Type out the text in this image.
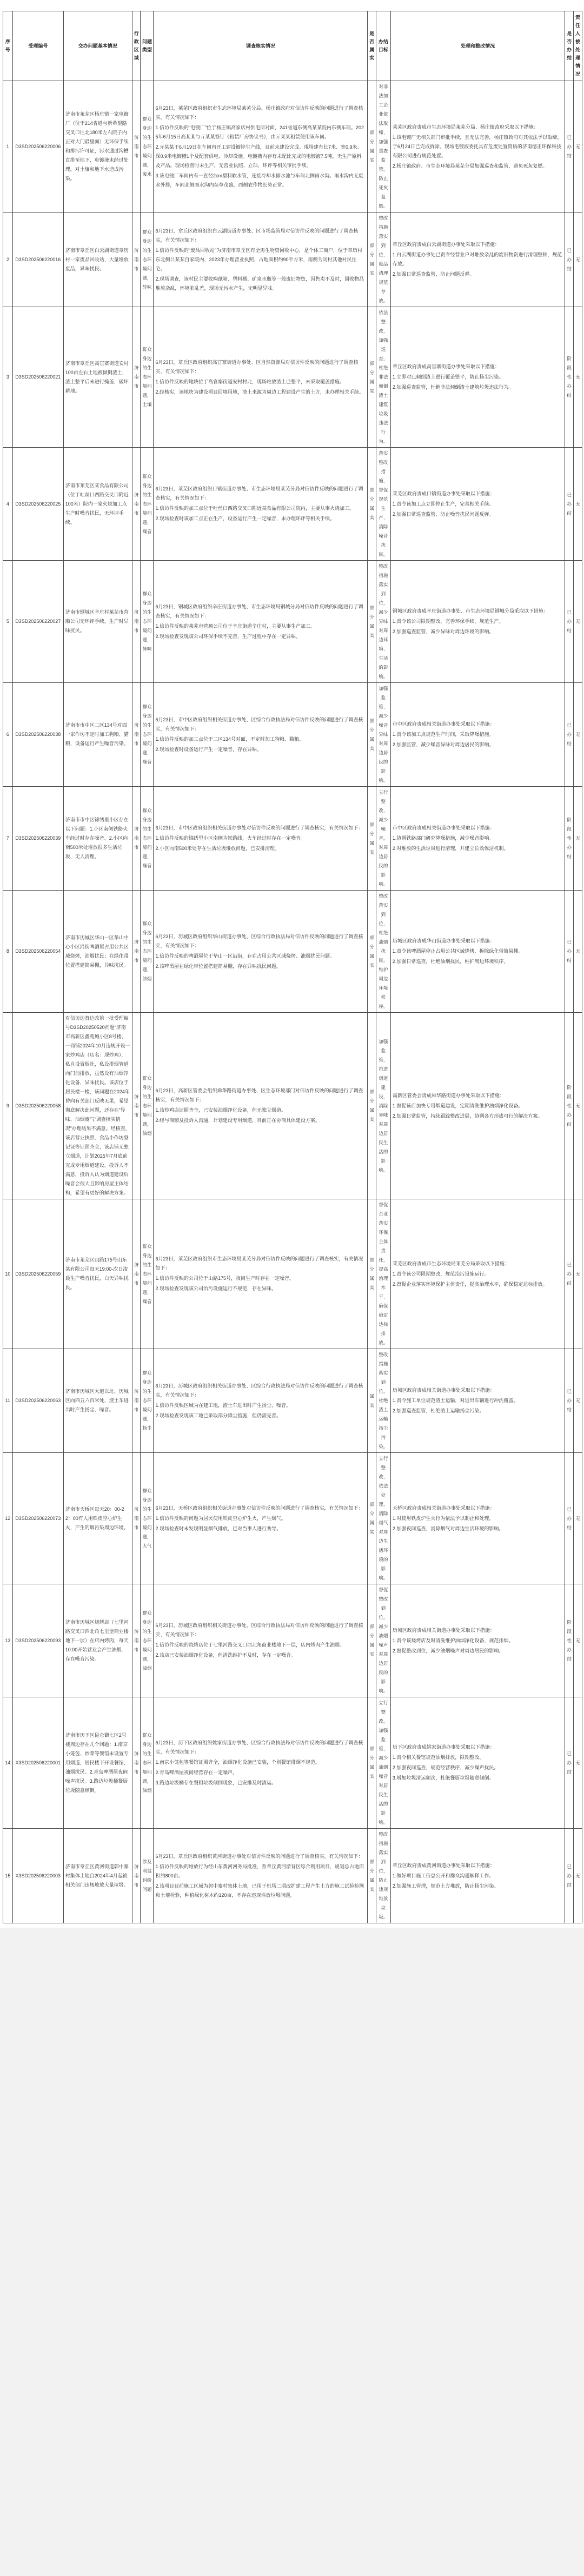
序号	受理编号	交办问题基本情况	行政区域	问题类型	调查核实情况	是否属实	办结目标	处理和整改情况	是否办结	责任人被处理情况
1	D3SD202506220006	济南市莱芜区杨庄镇一家电镀厂（位于214省道与新希望路交叉口往北180米左右院子内正对大门最里面）无环保手续和排污许可证，污水通过沟槽直排至地下，电镀液未经过处理，对土壤和地下水造成污染。	济南市	群众身边的生态环境问题，废水	
6月23日，莱芜区政府组织市生态环境局莱芜分局、杨庄镇政府对信访件反映的问题进行了调查核实，有关情况如下：
1.信访件反映的“电镀厂”位于杨庄镇高家店村供电所对面，241省道东侧高某某院内东侧车间。2025年6月15日高某某与亓某某签订《租赁厂房协议书》，由亓某某租赁使用该车间。
2.亓某某于6月19日在车间内开工建设镀锌生产线，目前未建设完成。现场建有长7米、宽0.9米、深0.9米电镀槽1个及配套供电、冷却设施。电镀槽内存有未配比完成的电镀液7.5吨，无生产原料及产品。现场检查时未生产，无营业执照、立项、环评等相关审批手续。
3.该电镀厂车间内有一直径2cm塑料软水管，连接冷却水储水池与车间北侧雨水沟。雨水沟内无废水外排，车间北侧雨水沟内杂草茂盛，西侧农作物长势正常。
	部分属实	对非法加工企业依法取缔，加强巡查监管，防止死灰复燃。	
莱芜区政府责成市生态环境局莱芜分局、杨庄镇政府采取以下措施：
1.该电镀厂无相关部门审批手续，且无法完善，杨庄镇政府对其依法予以取缔，于6月24日已完成拆除。现场电镀液委托具有危废处置资质的济南德正环保科技有限公司进行规范处置。
2.杨庄镇政府、市生态环境局莱芜分局加强巡查和监管，避免死灰复燃。
	已办结	无
2	D3SD202506220016	济南市章丘区白云湖街道章历村一家废品回收站，大量堆放废品，异味扰民。	济南市	群众身边的生态环境问题，异味	
6月23日，章丘区政府组织白云湖街道办事处、区市场监管局对信访件反映的问题进行了调查核实，有关情况如下：
1.信访件反映的“废品回收站”为济南市章丘区有全再生物资回收中心，是个体工商户，位于章历村东北侧吕某某自家院内，2023年办理营业执照，占地面积约90平方米，南侧为同村其他村民住宅。
2.现场调查，该村民主要收购纸箱、塑料桶、矿泉水瓶等一般废旧物资，因售卖不及时，回收物品堆放杂乱，环境脏乱差，现场无污水产生，无明显异味。
	部分属实	整改措施落实到位，废品清理规范存放。	
章丘区政府责成白云湖街道办事处采取以下措施：
1.白云湖街道办事处已责令经营业户对堆放杂乱的废旧物资进行清理整顿，规范存放。
2.加强日常巡查监管，防止问题反弹。
	已办结	无
3	D3SD202506220021	济南市章丘区高官寨街道安村100亩左右土地被倾倒渣土，渣土整平后未进行掩盖，破坏耕地。	济南市	群众身边的生态环境问题，土壤	
6月23日，章丘区政府组织高官寨街道办事处、区自然资源局对信访件反映的问题进行了调查核实，有关情况如下：
1.信访件反映的地块位于高官寨街道安村村北，现场堆放渣土已整平，未采取覆盖措施。
2.经核实，该地块为建设项目回填用地，渣土来源为周边工程建设产生的土方，未办理相关手续。
	部分属实	依法整改，加强巡查，杜绝非法倾倒渣土建筑垃圾违法行为。	
章丘区政府责成高官寨街道办事处采取以下措施：
1.立即对已倾倒渣土进行覆盖整平，防止扬尘污染。
2.加强巡查监管，杜绝非法倾倒渣土建筑垃圾违法行为。
	阶段性办结	无
4	D3SD202506220025	济南市莱芜区某食品有限公司（位于吐丝口西路交叉口附近100米）院内一家火烧加工点生产时噪音扰民，无环评手续。	济南市	群众身边的生态环境问题，噪音	
6月23日，莱芜区政府组织口镇街道办事处、市生态环境局莱芜分局对信访件反映的问题进行了调查核实，有关情况如下：
1.信访件反映的加工点位于吐丝口西路交叉口附近某食品有限公司院内，主要从事火烧加工。
2.现场检查时该加工点正在生产，设备运行产生一定噪音，未办理环评等相关手续。
	部分属实	落实整改措施，督促规范生产，消除噪音扰民。	
莱芜区政府责成口镇街道办事处采取以下措施：
1.责令该加工点立即停止生产，完善相关手续。
2.加强日常巡查监管，防止噪音扰民问题反弹。
	已办结	无
5	D3SD202506220027	济南市钢城区辛庄村莱芜市营顺公司无环评手续，生产时异味扰民。	济南市	群众身边的生态环境问题，异味	
6月23日，钢城区政府组织辛庄街道办事处、市生态环境局钢城分局对信访件反映的问题进行了调查核实，有关情况如下：
1.信访件反映的莱芜市营顺公司位于辛庄街道辛庄村，主要从事生产加工。
2.现场检查发现该公司环保手续不完善，生产过程中存在一定异味。
	部分属实	整改措施落实到位，减少异味对周边环境、生活的影响。	
钢城区政府责成辛庄街道办事处、市生态环境局钢城分局采取以下措施：
1.责令该公司限期整改，完善环保手续，规范生产。
2.加强巡查监管，减少异味对周边环境的影响。
	已办结	无
6	D3SD202506220038	济南市市中区二区134号对面一家作坊不定时加工狗粮、猫粮，设备运行产生噪音污染。	济南市	群众身边的生态环境问题，噪音	
6月23日，市中区政府组织相关街道办事处、区综合行政执法局对信访件反映的问题进行了调查核实，有关情况如下：
1.信访件反映的加工点位于二区134号对面，不定时加工狗粮、猫粮。
2.现场检查时设备运行产生一定噪音，存在异味。
	部分属实	加强监管，减少噪音异味对周边居民的影响。	
市中区政府责成相关街道办事处采取以下措施：
1.责令该加工点规范生产时间，采取降噪措施。
2.加强监管，减少噪音异味对周边居民的影响。
	已办结	无
7	D3SD202506220039	济南市市中区锦绣里小区存在以下问题：1.小区南侧铁路火车经过时存在噪音。2.小区向南500米处堆放很多生活垃圾，无人清理。	济南市	群众身边的生态环境问题，噪音	
6月23日，市中区政府组织相关街道办事处对信访件反映的问题进行了调查核实，有关情况如下：
1.信访件反映的锦绣里小区南侧为铁路线，火车经过时存在一定噪音。
2.小区向南500米处存在生活垃圾堆放问题，已安排清理。
	部分属实	立行整改，减少噪音，对周边居民的影响。	
市中区政府责成相关街道办事处采取以下措施：
1.协调铁路部门研究降噪措施，减少噪音影响。
2.对堆放的生活垃圾进行清理，并建立长效保洁机制。
	阶段性办结	无
8	D3SD202506220054	济南市历城区华山一区华山中心小区沿街啤酒屋占用公共区域烧烤，油烟扰民；在绿化带位置搭建简易棚，异味扰民。	济南市	群众身边的生态环境问题，油烟	
6月23日，历城区政府组织华山街道办事处、区综合行政执法局对信访件反映的问题进行了调查核实，有关情况如下：
1.信访件反映的啤酒屋位于华山一区沿街，存在占用公共区域烧烤、油烟扰民问题。
2.该啤酒屋在绿化带位置搭建简易棚，存在异味扰民问题。
	部分属实	整改落实到位，杜绝油烟扰民，维护周边环境秩序。	
历城区政府责成华山街道办事处采取以下措施：
1.责令该啤酒屋停止占用公共区域烧烤，拆除绿化带简易棚。
2.加强日常巡查，杜绝油烟扰民，维护周边环境秩序。
	已办结	无
9	D3SD202506220058	对信访边督边改第一批受理编号D3SD20250520问题“济南市高新区鑫苑城小区8号楼，一商铺2024年10月违规开设一家炒鸡店（店名：现炒鸡），私自设置烟灶，私设排烟管道向门前排放，虽然设有油烟净化设备，异味扰民。该店位于居民楼一楼，该问题在2024年曾向有关部门反映无果，希望彻底解决此问题，还存在“异味、油烟废气”调查核实情况”办理结果不满意。经核查，该店营业执照、食品小作坊登记证等证照齐全，该店铺无独立烟道，计划2025年7月底前完成专用烟道建设。投诉人不满意，投诉人认为烟道建设后噪音会很大且影响房屋主体结构，希望有更好的解决方案。	济南市	群众身边的生态环境问题，油烟	
6月23日，高新区管委会组织舜华路街道办事处、区生态环境部门对信访件反映的问题进行了调查核实，有关情况如下：
1.该炒鸡店证照齐全，已安装油烟净化设备，但无独立烟道。
2.经与商铺及投诉人沟通，计划建设专用烟道，目前正在协商具体建设方案。
	部分属实	加强监管，推进烟道建设，消除异味对周边居民生活的影响。	
高新区管委会责成舜华路街道办事处采取以下措施：
1.督促该店加快专用烟道建设，定期清洗维护油烟净化设备。
2.加强日常监管，持续跟踪整改进展，协调各方形成可行的解决方案。
	阶段性办结	无
10	D3SD202506220059	济南市莱芜区山路175号山东某有限公司每天19:00-次日凌晨生产噪音扰民，白天异味扰民。	济南市	群众身边的生态环境问题，噪音	
6月23日，莱芜区政府组织市生态环境局莱芜分局对信访件反映的问题进行了调查核实，有关情况如下：
1.信访件反映的公司位于山路175号，夜间生产时存在一定噪音。
2.现场检查发现该公司治污设施运行不规范，存在异味。
	部分属实	督促企业落实环保主体责任，提高治理水平，确保稳定达标排放。	
莱芜区政府责成市生态环境局莱芜分局采取以下措施：
1.责令该公司限期整改，规范治污设施运行。
2.督促企业落实环境保护主体责任，提高治理水平，确保稳定达标排放。
	已办结	无
11	D3SD202506220063	济南市历城区大道以北、历城区向西五六百米处，渣土车进出时产生扬尘、噪音。	济南市	群众身边的生态环境问题，扬尘	
6月23日，历城区政府组织相关街道办事处、区综合行政执法局对信访件反映的问题进行了调查核实，有关情况如下：
1.信访件反映区域为在建工地，渣土车进出时产生扬尘、噪音。
2.现场检查发现该工地已采取部分降尘措施，但仍需完善。
	属实	整改措施落实到位，杜绝渣土运输扬尘污染。	
历城区政府责成相关街道办事处采取以下措施：
1.责令施工单位规范渣土运输，对进出车辆进行冲洗覆盖。
2.加强巡查监管，杜绝渣土运输扬尘污染。
	已办结	无
12	D3SD202506220073	济南市天桥区每天20：00-22：00有人用铁皮空心炉生火，产生的烟污染周边环境。	济南市	群众身边的生态环境问题，大气	
6月23日，天桥区政府组织相关街道办事处对信访件反映的问题进行了调查核实，有关情况如下：
1.信访件反映的问题为居民使用铁皮空心炉生火，产生烟气。
2.现场检查时未发现明显烟气排放，已对当事人进行劝导。
	部分属实	立行整改，依法处理，消除烟气对周边生活环境的影响。	
天桥区政府责成相关街道办事处采取以下措施：
1.对使用铁皮炉生火行为依法予以制止和处理。
2.加强夜间巡查，消除烟气对周边生活环境的影响。
	已办结	无
13	D3SD202506220093	济南市历城区烧烤店（七里河路交叉口西北角七里堡商业楼地下一层）在店内烤肉，每天10:00开始营业会产生油烟，存在噪音污染。	济南市	群众身边的生态环境问题，油烟	
6月23日，历城区政府组织相关街道办事处、区综合行政执法局对信访件反映的问题进行了调查核实，有关情况如下：
1.信访件反映的烧烤店位于七里河路交叉口西北角商业楼地下一层，店内烤肉产生油烟。
2.该店已安装油烟净化设备，但清洗维护不及时，存在一定噪音。
	部分属实	督促整改到位，减少油烟噪声对周边居民的影响。	
历城区政府责成相关街道办事处采取以下措施：
1.责令该烧烤店及时清洗维护油烟净化设备，规范排烟。
2.督促整改到位，减少油烟噪声对周边居民的影响。
	阶段性办结	无
14	X3SD202506220001	济南市历下区昆仑御七区2号楼周边存在几个问题：1.南京小笼包、炒菜等餐馆未设置专用烟道，居民楼下开设餐馆，油烟扰民。2.青岛啤酒屋夜间噪声扰民。3.路边垃圾桶餐厨垃圾随意倾倒。	济南市	群众身边的生态环境问题，油烟	
6月23日，历下区政府组织姚家街道办事处、区综合行政执法局对信访件反映的问题进行了调查核实，有关情况如下：
1.南京小笼包等餐馆证照齐全，油烟净化设施已安装，个别餐馆排烟不规范。
2.青岛啤酒屋夜间经营存在一定噪声。
3.路边垃圾桶存在餐厨垃圾倾倒现象，已安排及时清运。
	部分属实	立行整改，加强监管，减少油烟噪音对居民生活的影响。	
历下区政府责成姚家街道办事处采取以下措施：
1.责令相关餐馆规范油烟排放，限期整改。
2.加强夜间巡查，规范经营秩序，减少噪声扰民。
3.增加垃圾清运频次，杜绝餐厨垃圾随意倾倒。
	已办结	无
15	X3SD202506220003	济南市章丘区黄河街道郭中寨村集体土地自2024年4月起被相关部门违规堆放大量垃圾。	济南市	涉及利益纠纷问题	
6月23日，章丘区政府组织黄河街道办事处对信访件反映的问题进行了调查核实，有关情况如下：
1.信访件反映的堆放行为经山东黄河河务局批准，系章丘黄河淤背区综合利用项目，规划总占地面积约800亩。
2.该项目目前施工区域为郭中寨村集体土地，已用于机场二期改扩建工程产生土方的施工试验检测和土壤检验，种植绿化树木约120亩，不存在违规堆放垃圾问题。
	部分属实	整改措施落实到位，防止违规堆放垃圾。	
章丘区政府责成黄河街道办事处采取以下措施：
1.做好项目施工信息公开和群众沟通解释工作。
2.加强施工管理，规范土方堆放，防止扬尘污染。
	已办结	无
